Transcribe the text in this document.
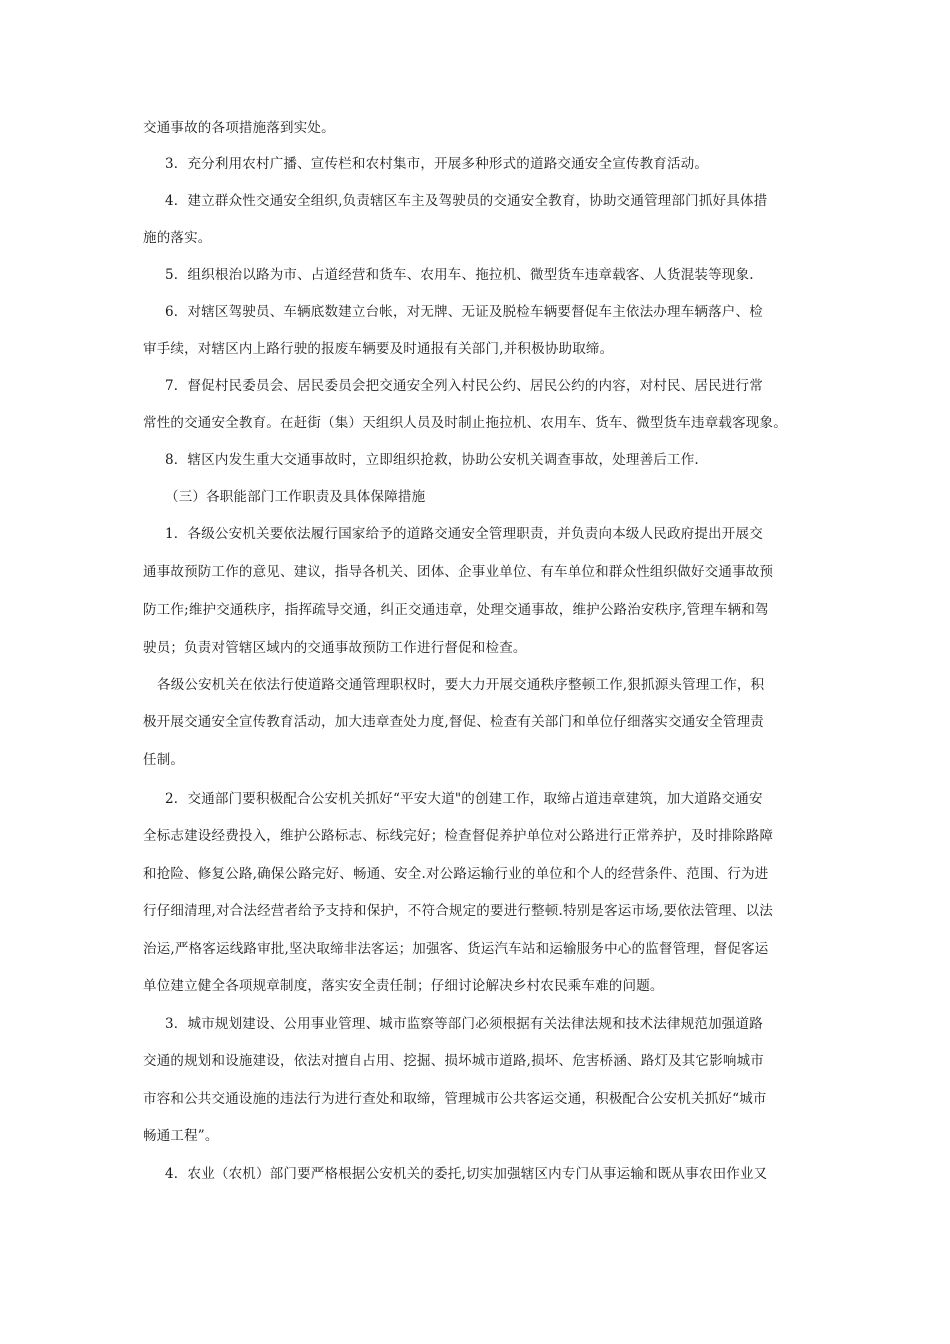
交通事故的各项措施落到实处。
3．充分利用农村广播、宣传栏和农村集市，开展多种形式的道路交通安全宣传教育活动。
4．建立群众性交通安全组织,负责辖区车主及驾驶员的交通安全教育，协助交通管理部门抓好具体措
施的落实。
5．组织根治以路为市、占道经营和货车、农用车、拖拉机、微型货车违章载客、人货混装等现象.
6．对辖区驾驶员、车辆底数建立台帐，对无牌、无证及脱检车辆要督促车主依法办理车辆落户、检
审手续，对辖区内上路行驶的报废车辆要及时通报有关部门,并积极协助取缔。
7．督促村民委员会、居民委员会把交通安全列入村民公约、居民公约的内容，对村民、居民进行常
常性的交通安全教育。在赶街（集）天组织人员及时制止拖拉机、农用车、货车、微型货车违章载客现象。
8．辖区内发生重大交通事故时，立即组织抢救，协助公安机关调查事故，处理善后工作.
（三）各职能部门工作职责及具体保障措施
1．各级公安机关要依法履行国家给予的道路交通安全管理职责，并负责向本级人民政府提出开展交
通事故预防工作的意见、建议，指导各机关、团体、企事业单位、有车单位和群众性组织做好交通事故预
防工作;维护交通秩序，指挥疏导交通，纠正交通违章，处理交通事故，维护公路治安秩序,管理车辆和驾
驶员；负责对管辖区域内的交通事故预防工作进行督促和检查。
各级公安机关在依法行使道路交通管理职权时，要大力开展交通秩序整顿工作,狠抓源头管理工作，积
极开展交通安全宣传教育活动，加大违章查处力度,督促、检查有关部门和单位仔细落实交通安全管理责
任制。
2．交通部门要积极配合公安机关抓好“平安大道"的创建工作，取缔占道违章建筑，加大道路交通安
全标志建设经费投入，维护公路标志、标线完好；检查督促养护单位对公路进行正常养护，及时排除路障
和抢险、修复公路,确保公路完好、畅通、安全.对公路运输行业的单位和个人的经营条件、范围、行为进
行仔细清理,对合法经营者给予支持和保护，不符合规定的要进行整顿.特别是客运市场,要依法管理、以法
治运,严格客运线路审批,坚决取缔非法客运；加强客、货运汽车站和运输服务中心的监督管理，督促客运
单位建立健全各项规章制度，落实安全责任制；仔细讨论解决乡村农民乘车难的问题。
3．城市规划建设、公用事业管理、城市监察等部门必须根据有关法律法规和技术法律规范加强道路
交通的规划和设施建设，依法对擅自占用、挖掘、损坏城市道路,损坏、危害桥涵、路灯及其它影响城市
市容和公共交通设施的违法行为进行查处和取缔，管理城市公共客运交通，积极配合公安机关抓好“城市
畅通工程”。
4．农业（农机）部门要严格根据公安机关的委托,切实加强辖区内专门从事运输和既从事农田作业又
